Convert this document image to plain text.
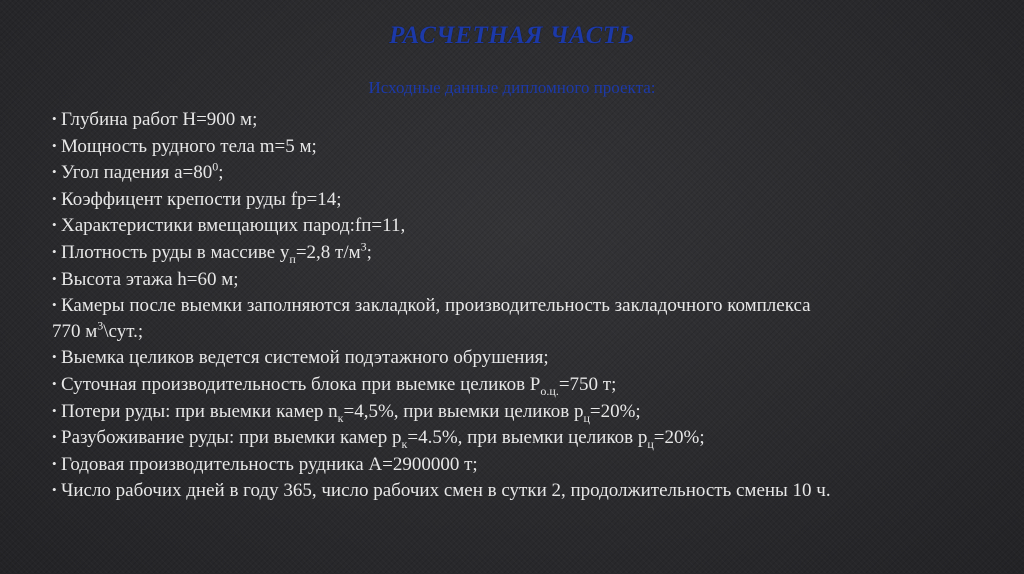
РАСЧЕТНАЯ ЧАСТЬ
Исходные данные дипломного проекта:
• Глубина работ H=900 м;
• Мощность рудного тела m=5 м;
• Угол падения $а=80^0$;
• Коэффицент крепости руды fр=14;
• Характеристики вмещающих парод:fп=11,
• Плотность руды в массиве $у_п=2,8$ $т/м^3$;
• Высота этажа h=60 м;
• Камеры после выемки заполняются закладкой, производительность закладочного комплекса
770 $м^3\backslash сут$.;
• Выемка целиков ведется системой подэтажного обрушения;
• Суточная производительность блока при выемке целиков $Р_{о.ц.}=750$ т;
• Потери руды: при выемки камер $n_к=4,5\%$, при выемки целиков $p_ц=20\%$;
• Разубоживание руды: при выемки камер $р_к=4.5\%$, при выемки целиков $р_ц=20\%$;
• Годовая производительность рудника А=2900000 т;
• Число рабочих дней в году 365, число рабочих смен в сутки 2, продолжительность смены 10 ч.
